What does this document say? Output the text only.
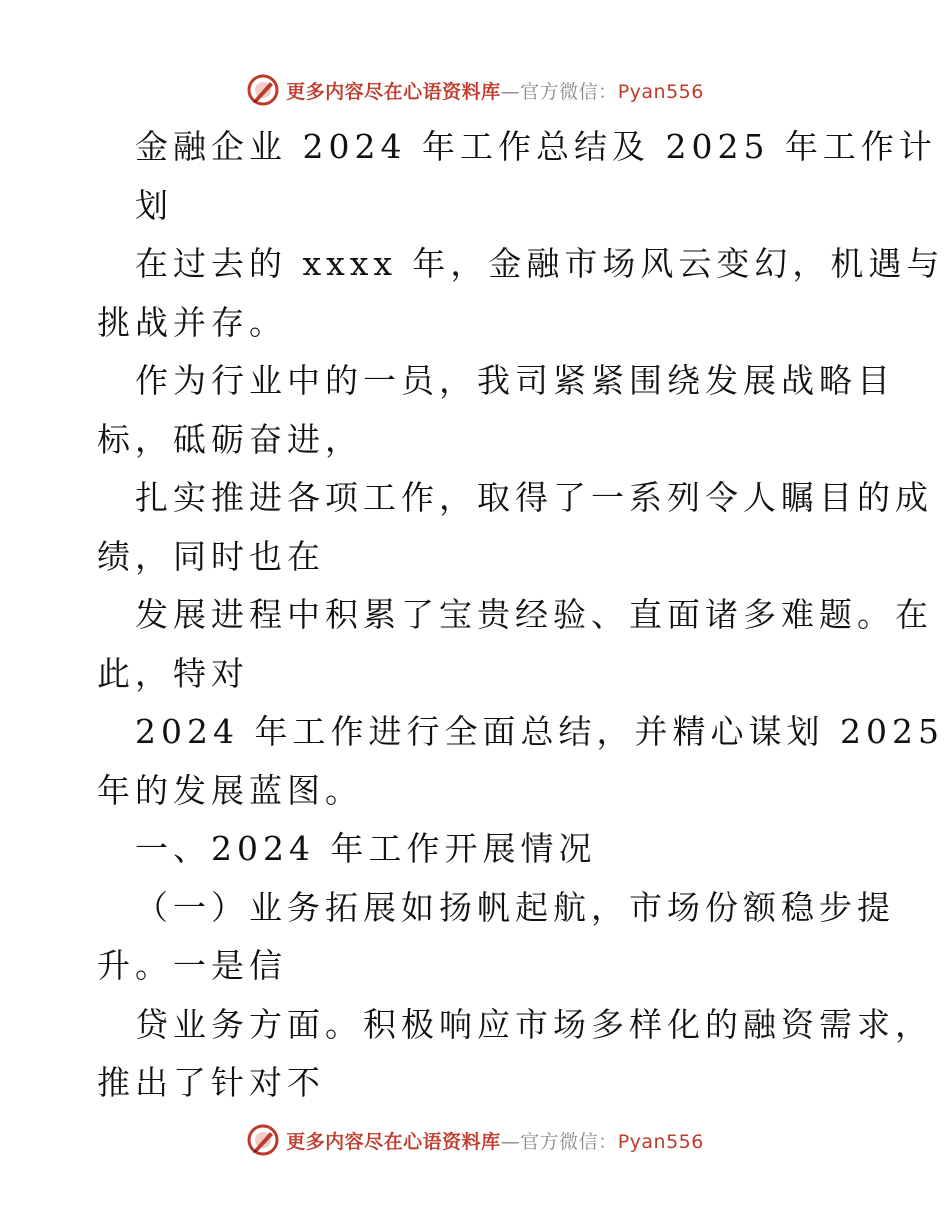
更多内容尽在心语资料库—官方微信：Pyan556
金融企业 2024 年工作总结及 2025 年工作计
划
在过去的 xxxx 年，金融市场风云变幻，机遇与
挑战并存。
作为行业中的一员，我司紧紧围绕发展战略目
标，砥砺奋进，
扎实推进各项工作，取得了一系列令人瞩目的成
绩，同时也在
发展进程中积累了宝贵经验、直面诸多难题。在
此，特对
2024 年工作进行全面总结，并精心谋划 2025
年的发展蓝图。
一、2024 年工作开展情况
（一）业务拓展如扬帆起航，市场份额稳步提
升。一是信
贷业务方面。积极响应市场多样化的融资需求，
推出了针对不
更多内容尽在心语资料库—官方微信：Pyan556
